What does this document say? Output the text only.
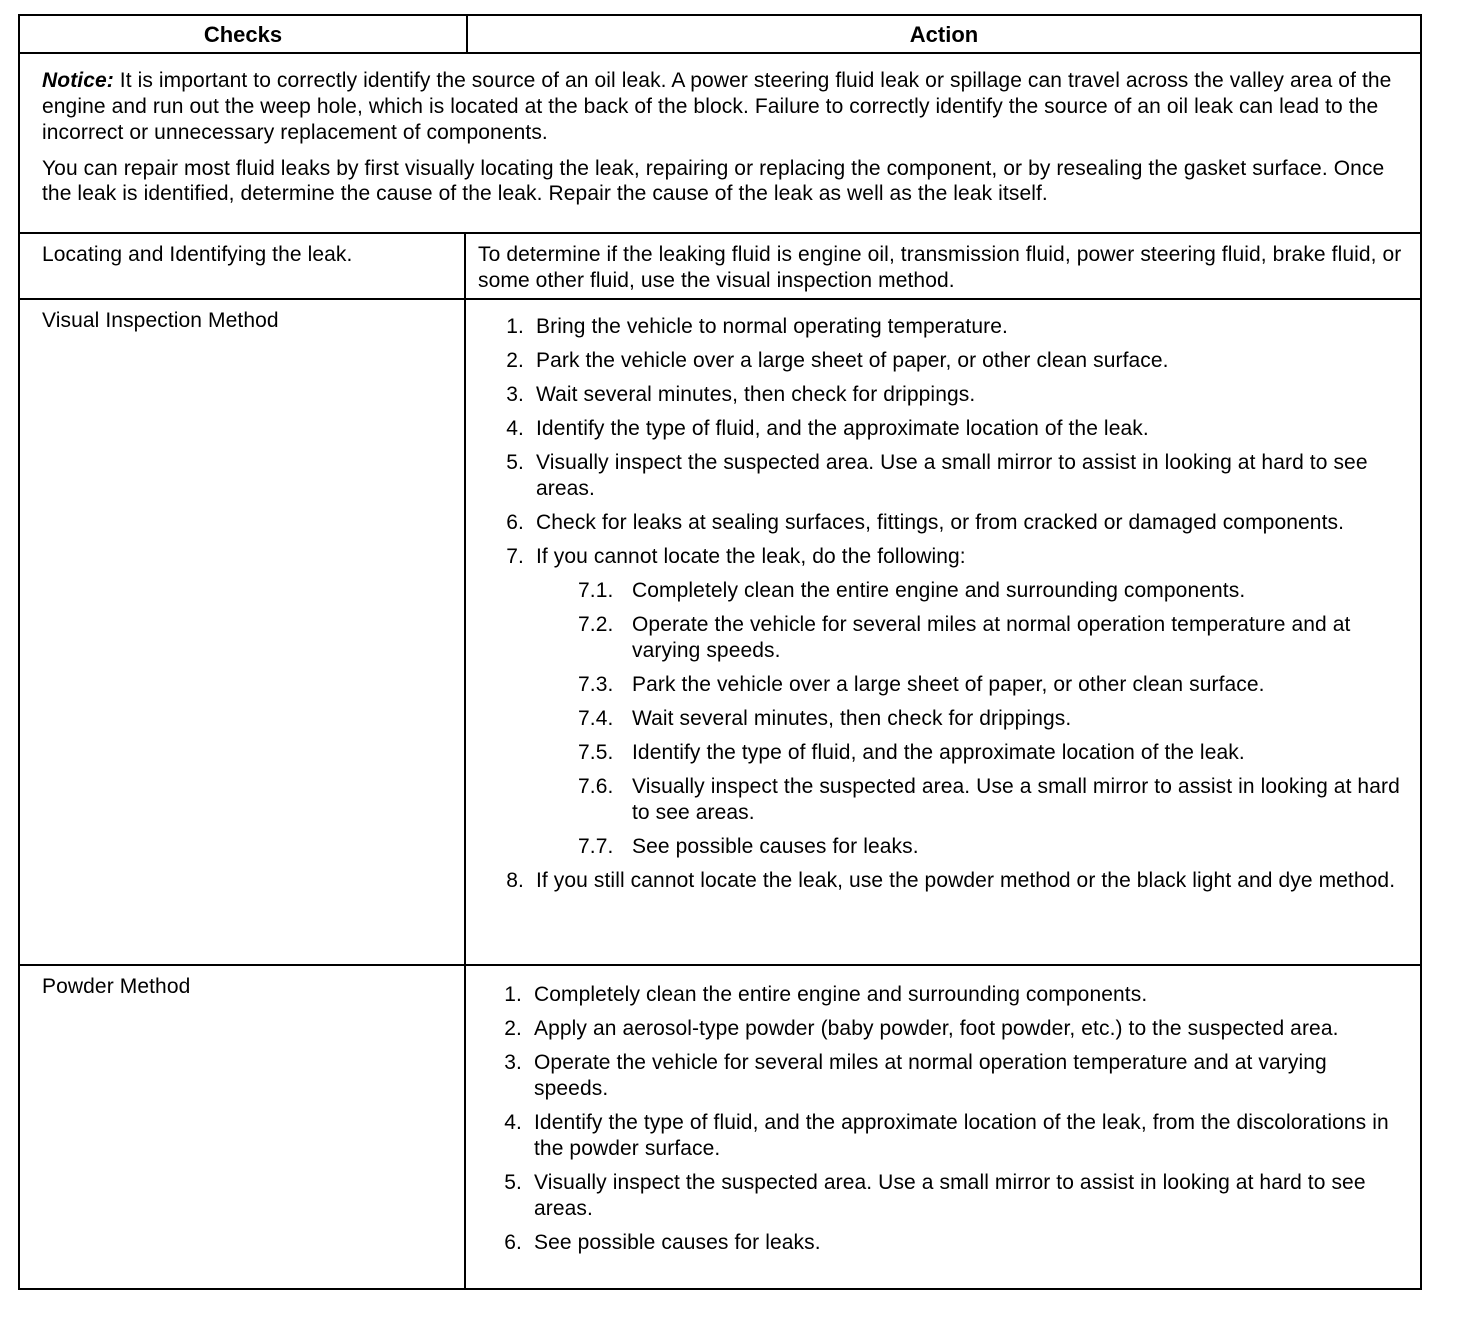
Checks	Action

Notice: It is important to correctly identify the source of an oil leak. A power steering fluid leak or spillage can travel across the valley area of the engine and run out the weep hole, which is located at the back of the block. Failure to correctly identify the source of an oil leak can lead to the incorrect or unnecessary replacement of components.

You can repair most fluid leaks by first visually locating the leak, repairing or replacing the component, or by resealing the gasket surface. Once the leak is identified, determine the cause of the leak. Repair the cause of the leak as well as the leak itself.

Locating and Identifying the leak.	To determine if the leaking fluid is engine oil, transmission fluid, power steering fluid, brake fluid, or some other fluid, use the visual inspection method.
Visual Inspection Method	1. Bring the vehicle to normal operating temperature.
2. Park the vehicle over a large sheet of paper, or other clean surface.
3. Wait several minutes, then check for drippings.
4. Identify the type of fluid, and the approximate location of the leak.
5. Visually inspect the suspected area. Use a small mirror to assist in looking at hard to see areas.
6. Check for leaks at sealing surfaces, fittings, or from cracked or damaged components.
7. If you cannot locate the leak, do the following:
7.1. Completely clean the entire engine and surrounding components.
7.2. Operate the vehicle for several miles at normal operation temperature and at varying speeds.
7.3. Park the vehicle over a large sheet of paper, or other clean surface.
7.4. Wait several minutes, then check for drippings.
7.5. Identify the type of fluid, and the approximate location of the leak.
7.6. Visually inspect the suspected area. Use a small mirror to assist in looking at hard to see areas.
7.7. See possible causes for leaks.
8. If you still cannot locate the leak, use the powder method or the black light and dye method.
Powder Method	1. Completely clean the entire engine and surrounding components.
2. Apply an aerosol-type powder (baby powder, foot powder, etc.) to the suspected area.
3. Operate the vehicle for several miles at normal operation temperature and at varying speeds.
4. Identify the type of fluid, and the approximate location of the leak, from the discolorations in the powder surface.
5. Visually inspect the suspected area. Use a small mirror to assist in looking at hard to see areas.
6. See possible causes for leaks.
